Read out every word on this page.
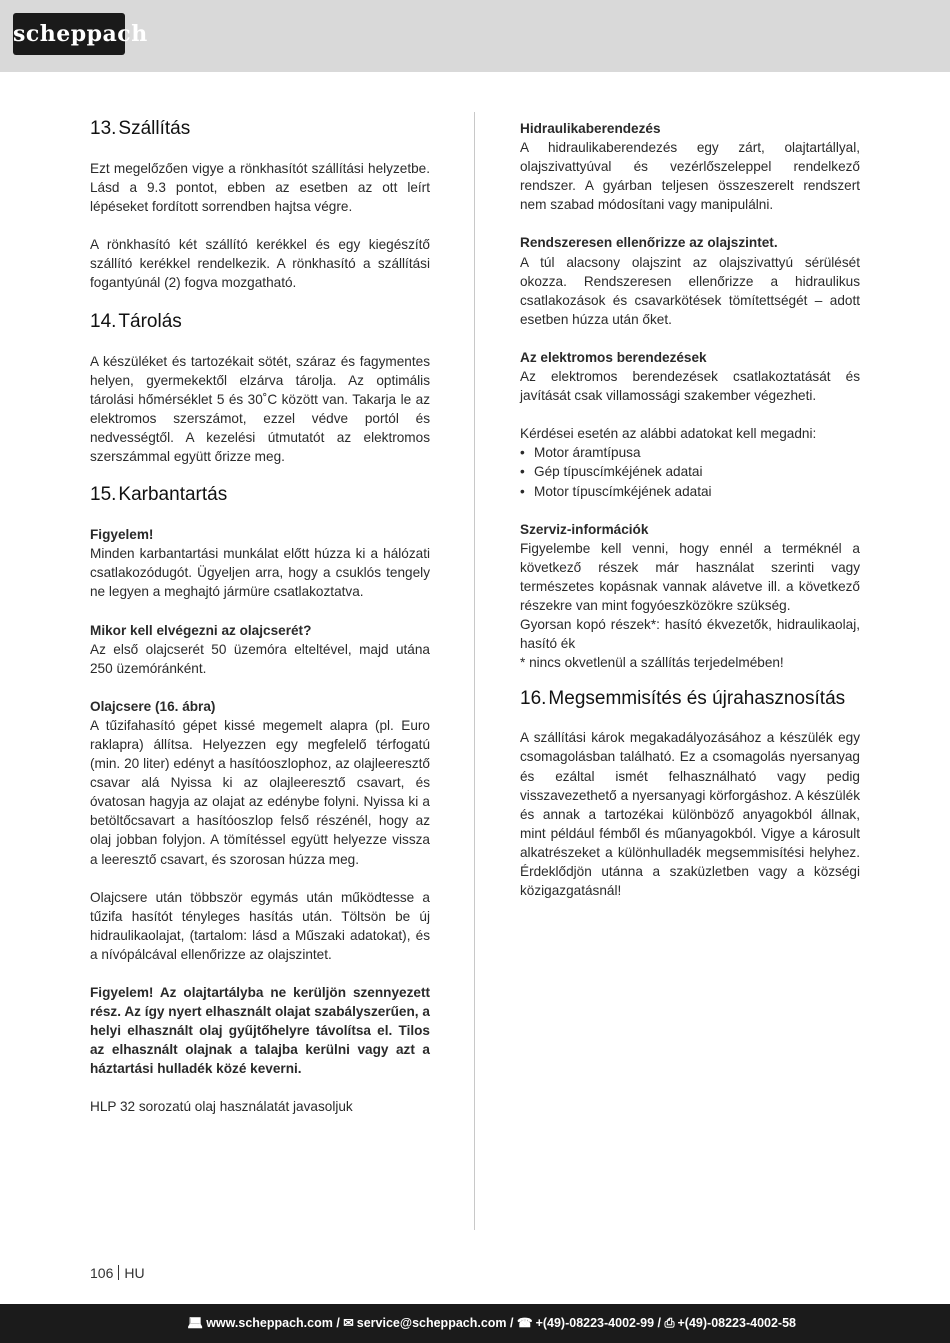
scheppach
13. Szállítás

Ezt megelőzően vigye a rönkhasítót szállítási helyzetbe. Lásd a 9.3 pontot, ebben az esetben az ott leírt lépéseket fordított sorrendben hajtsa végre.

A rönkhasító két szállító kerékkel és egy kiegészítő szállító kerékkel rendelkezik. A rönkhasító a szállítási fogantyúnál (2) fogva mozgatható.

14. Tárolás

A készüléket és tartozékait sötét, száraz és fagymentes helyen, gyermekektől elzárva tárolja. Az optimális tárolási hőmérséklet 5 és 30˚C között van. Takarja le az elektromos szerszámot, ezzel védve portól és nedvességtől. A kezelési útmutatót az elektromos szerszámmal együtt őrizze meg.

15. Karbantartás

Figyelem!

Minden karbantartási munkálat előtt húzza ki a hálózati csatlakozódugót. Ügyeljen arra, hogy a csuklós tengely ne legyen a meghajtó jármüre csatlakoztatva.

Mikor kell elvégezni az olajcserét?

Az első olajcserét 50 üzemóra elteltével, majd utána 250 üzemóránként.

Olajcsere (16. ábra)

A tűzifahasító gépet kissé megemelt alapra (pl. Euro raklapra) állítsa. Helyezzen egy megfelelő térfogatú (min. 20 liter) edényt a hasítóoszlophoz, az olajleeresztő csavar alá Nyissa ki az olajleeresztő csavart, és óvatosan hagyja az olajat az edénybe folyni. Nyissa ki a betöltőcsavart a hasítóoszlop felső részénél, hogy az olaj jobban folyjon. A tömítéssel együtt helyezze vissza a leeresztő csavart, és szorosan húzza meg.

Olajcsere után többször egymás után működtesse a tűzifa hasítót tényleges hasítás után. Töltsön be új hidraulikaolajat, (tartalom: lásd a Műszaki adatokat), és a nívópálcával ellenőrizze az olajszintet.

Figyelem! Az olajtartályba ne kerüljön szennyezett rész. Az így nyert elhasznált olajat szabályszerűen, a helyi elhasznált olaj gyűjtőhelyre távolítsa el. Tilos az elhasznált olajnak a talajba kerülni vagy azt a háztartási hulladék közé keverni.

HLP 32 sorozatú olaj használatát javasoljuk

Hidraulikaberendezés

A hidraulikaberendezés egy zárt, olajtartállyal, olajszivattyúval és vezérlőszeleppel rendelkező rendszer. A gyárban teljesen összeszerelt rendszert nem szabad módosítani vagy manipulálni.

Rendszeresen ellenőrizze az olajszintet.

A túl alacsony olajszint az olajszivattyú sérülését okozza. Rendszeresen ellenőrizze a hidraulikus csatlakozások és csavarkötések tömítettségét – adott esetben húzza után őket.

Az elektromos berendezések

Az elektromos berendezések csatlakoztatását és javítását csak villamossági szakember végezheti.

Kérdései esetén az alábbi adatokat kell megadni:

• Motor áramtípusa
• Gép típuscímkéjének adatai
• Motor típuscímkéjének adatai

Szerviz-információk

Figyelembe kell venni, hogy ennél a terméknél a következő részek már használat szerinti vagy természetes kopásnak vannak alávetve ill. a következő részekre van mint fogyóeszközökre szükség.

Gyorsan kopó részek*: hasító ékvezetők, hidraulikaolaj, hasító ék

* nincs okvetlenül a szállítás terjedelmében!

16. Megsemmisítés és újrahasznosítás

A szállítási károk megakadályozásához a készülék egy csomagolásban található. Ez a csomagolás nyersanyag és ezáltal ismét felhasználható vagy pedig visszavezethető a nyersanyagi körforgáshoz. A készülék és annak a tartozékai különböző anyagokból állnak, mint például fémből és műanyagokból. Vigye a károsult alkatrészeket a különhulladék megsemmisítési helyhez. Érdeklődjön utánna a szaküzletben vagy a községi közigazgatásnál!

106 HU
💻︎ www.scheppach.com / ✉ service@scheppach.com / ☎ +(49)-08223-4002-99 / ⎙ +(49)-08223-4002-58
